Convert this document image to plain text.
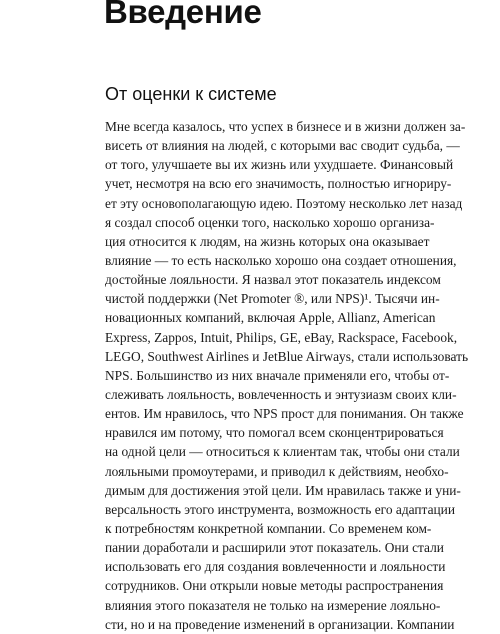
Введение
От оценки к системе
Мне всегда казалось, что успех в бизнесе и в жизни должен за-
висеть от влияния на людей, с которыми вас сводит судьба, —
от того, улучшаете вы их жизнь или ухудшаете. Финансовый
учет, несмотря на всю его значимость, полностью игнориру-
ет эту основополагающую идею. Поэтому несколько лет назад
я создал способ оценки того, насколько хорошо организа-
ция относится к людям, на жизнь которых она оказывает
влияние — то есть насколько хорошо она создает отношения,
достойные лояльности. Я назвал этот показатель индексом
чистой поддержки (Net Promoter ®, или NPS)¹. Тысячи ин-
новационных компаний, включая Apple, Allianz, American
Express, Zappos, Intuit, Philips, GE, eBay, Rackspace, Facebook,
LEGO, Southwest Airlines и JetBlue Airways, стали использовать
NPS. Большинство из них вначале применяли его, чтобы от-
слеживать лояльность, вовлеченность и энтузиазм своих кли-
ентов. Им нравилось, что NPS прост для понимания. Он также
нравился им потому, что помогал всем сконцентрироваться
на одной цели — относиться к клиентам так, чтобы они стали
лояльными промоутерами, и приводил к действиям, необхо-
димым для достижения этой цели. Им нравилась также и уни-
версальность этого инструмента, возможность его адаптации
к потребностям конкретной компании. Со временем ком-
пании доработали и расширили этот показатель. Они стали
использовать его для создания вовлеченности и лояльности
сотрудников. Они открыли новые методы распространения
влияния этого показателя не только на измерение лояльно-
сти, но и на проведение изменений в организации. Компании
